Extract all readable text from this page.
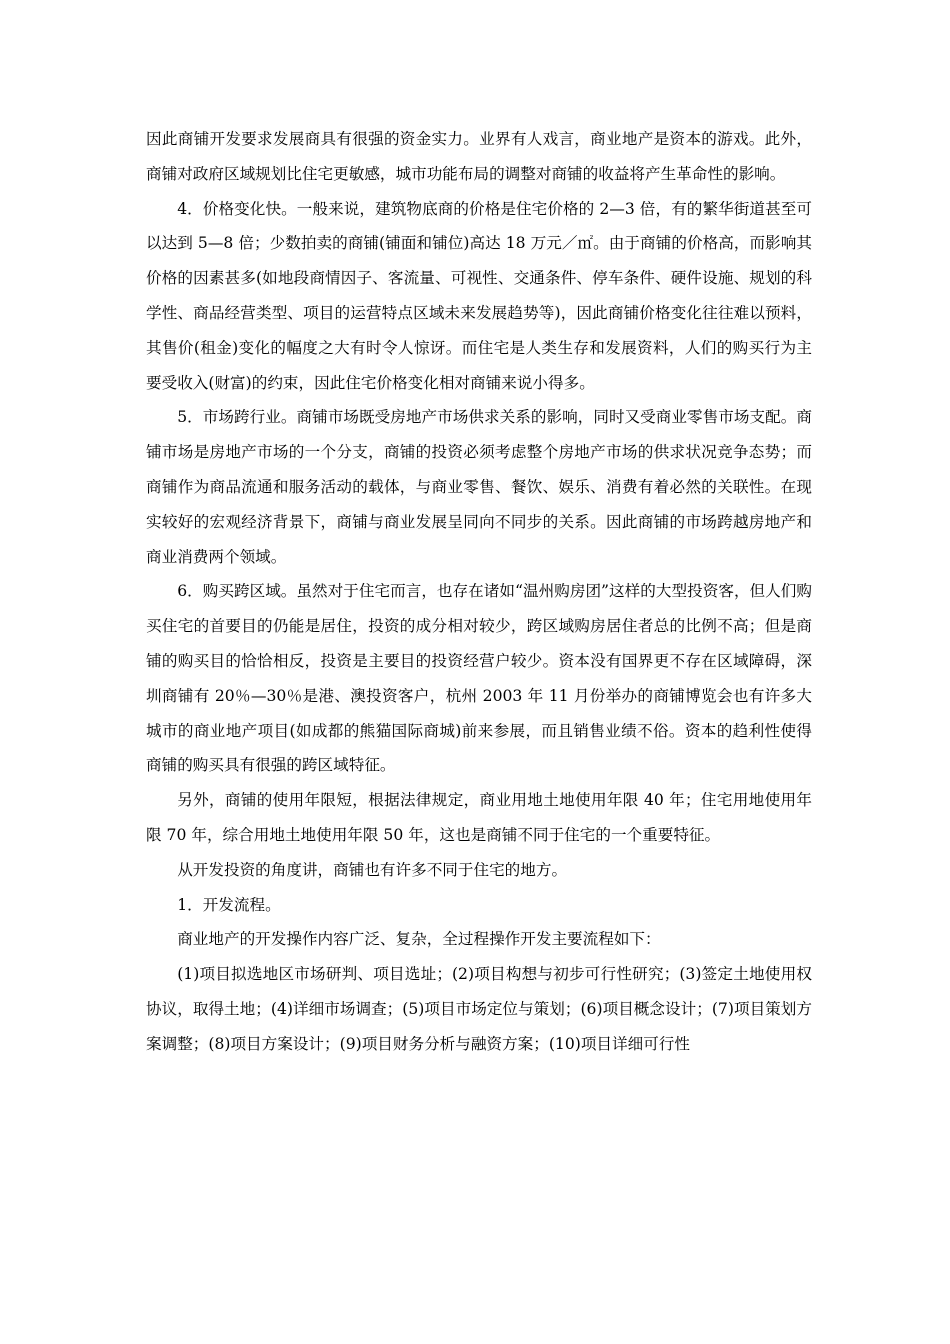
因此商铺开发要求发展商具有很强的资金实力。业界有人戏言，商业地产是资本的游戏。此外，商铺对政府区域规划比住宅更敏感，城市功能布局的调整对商铺的收益将产生革命性的影响。

4．价格变化快。一般来说，建筑物底商的价格是住宅价格的 2—3 倍，有的繁华街道甚至可以达到 5—8 倍；少数拍卖的商铺(铺面和铺位)高达 18 万元／㎡。由于商铺的价格高，而影响其价格的因素甚多(如地段商情因子、客流量、可视性、交通条件、停车条件、硬件设施、规划的科学性、商品经营类型、项目的运营特点区域未来发展趋势等)，因此商铺价格变化往往难以预料，其售价(租金)变化的幅度之大有时令人惊讶。而住宅是人类生存和发展资料，人们的购买行为主要受收入(财富)的约束，因此住宅价格变化相对商铺来说小得多。

5．市场跨行业。商铺市场既受房地产市场供求关系的影响，同时又受商业零售市场支配。商铺市场是房地产市场的一个分支，商铺的投资必须考虑整个房地产市场的供求状况竞争态势；而商铺作为商品流通和服务活动的载体，与商业零售、餐饮、娱乐、消费有着必然的关联性。在现实较好的宏观经济背景下，商铺与商业发展呈同向不同步的关系。因此商铺的市场跨越房地产和商业消费两个领域。

6．购买跨区域。虽然对于住宅而言，也存在诸如“温州购房团”这样的大型投资客，但人们购买住宅的首要目的仍能是居住，投资的成分相对较少，跨区域购房居住者总的比例不高；但是商铺的购买目的恰恰相反，投资是主要目的投资经营户较少。资本没有国界更不存在区域障碍，深圳商铺有 20％—30％是港、澳投资客户，杭州 2003 年 11 月份举办的商铺博览会也有许多大城市的商业地产项目(如成都的熊猫国际商城)前来参展，而且销售业绩不俗。资本的趋利性使得商铺的购买具有很强的跨区域特征。

另外，商铺的使用年限短，根据法律规定，商业用地土地使用年限 40 年；住宅用地使用年限 70 年，综合用地土地使用年限 50 年，这也是商铺不同于住宅的一个重要特征。

从开发投资的角度讲，商铺也有许多不同于住宅的地方。

1．开发流程。

商业地产的开发操作内容广泛、复杂，全过程操作开发主要流程如下：

(1)项目拟选地区市场研判、项目选址；(2)项目构想与初步可行性研究；(3)签定土地使用权协议，取得土地；(4)详细市场调查；(5)项目市场定位与策划；(6)项目概念设计；(7)项目策划方案调整；(8)项目方案设计；(9)项目财务分析与融资方案；(10)项目详细可行性
